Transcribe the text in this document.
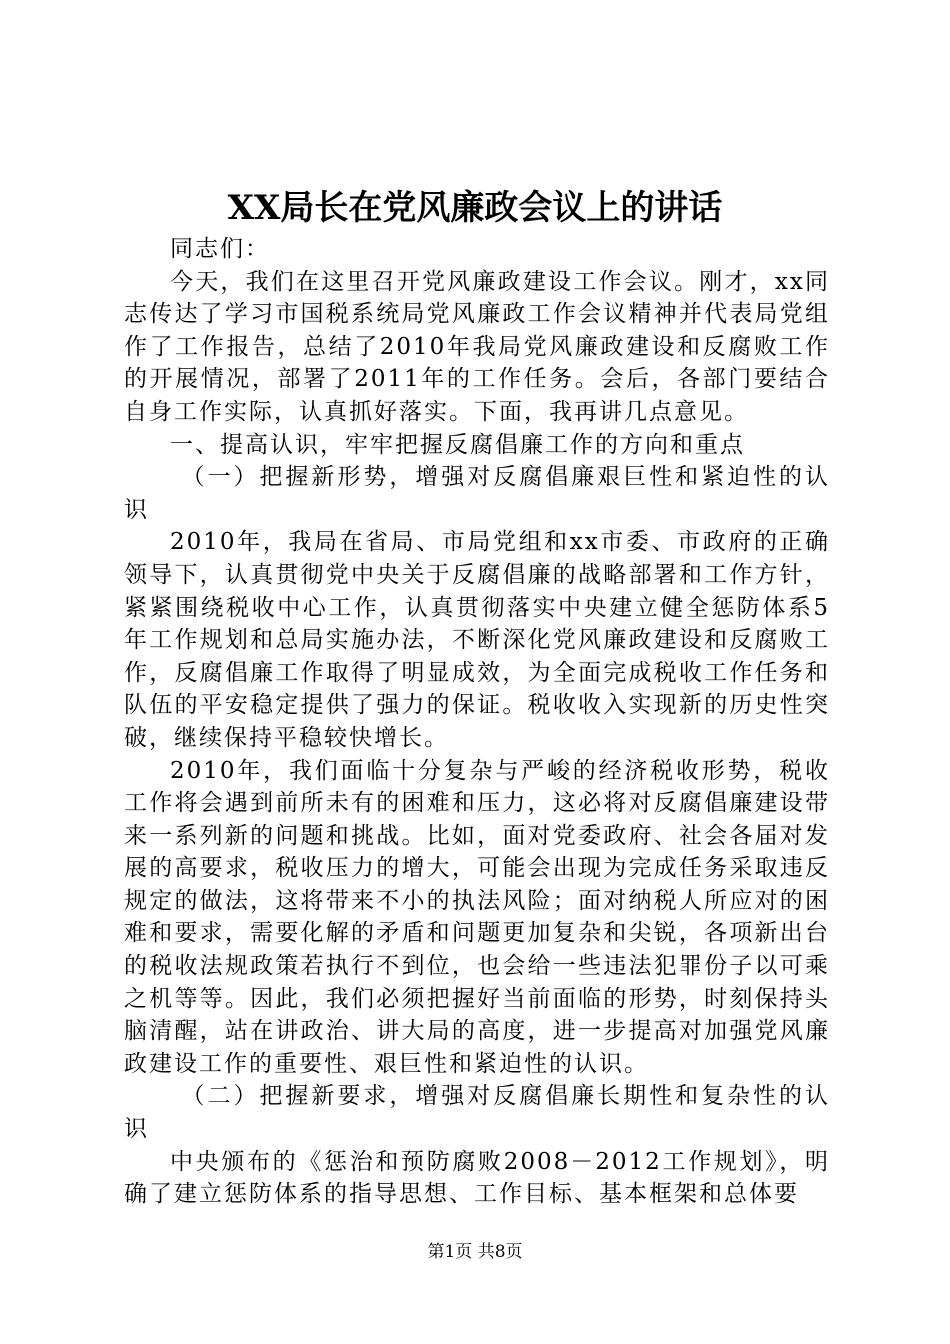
XX局长在党风廉政会议上的讲话

同志们：

今天，我们在这里召开党风廉政建设工作会议。刚才，xx同志传达了学习市国税系统局党风廉政工作会议精神并代表局党组作了工作报告，总结了2010年我局党风廉政建设和反腐败工作的开展情况，部署了2011年的工作任务。会后，各部门要结合自身工作实际，认真抓好落实。下面，我再讲几点意见。

一、提高认识，牢牢把握反腐倡廉工作的方向和重点

（一）把握新形势，增强对反腐倡廉艰巨性和紧迫性的认识

2010年，我局在省局、市局党组和xx市委、市政府的正确领导下，认真贯彻党中央关于反腐倡廉的战略部署和工作方针，紧紧围绕税收中心工作，认真贯彻落实中央建立健全惩防体系5年工作规划和总局实施办法，不断深化党风廉政建设和反腐败工作，反腐倡廉工作取得了明显成效，为全面完成税收工作任务和队伍的平安稳定提供了强力的保证。税收收入实现新的历史性突破，继续保持平稳较快增长。

2010年，我们面临十分复杂与严峻的经济税收形势，税收工作将会遇到前所未有的困难和压力，这必将对反腐倡廉建设带来一系列新的问题和挑战。比如，面对党委政府、社会各届对发展的高要求，税收压力的增大，可能会出现为完成任务采取违反规定的做法，这将带来不小的执法风险；面对纳税人所应对的困难和要求，需要化解的矛盾和问题更加复杂和尖锐，各项新出台的税收法规政策若执行不到位，也会给一些违法犯罪份子以可乘之机等等。因此，我们必须把握好当前面临的形势，时刻保持头脑清醒，站在讲政治、讲大局的高度，进一步提高对加强党风廉政建设工作的重要性、艰巨性和紧迫性的认识。

（二）把握新要求，增强对反腐倡廉长期性和复杂性的认识

中央颁布的《惩治和预防腐败2008－2012工作规划》，明确了建立惩防体系的指导思想、工作目标、基本框架和总体要

第1页 共8页
